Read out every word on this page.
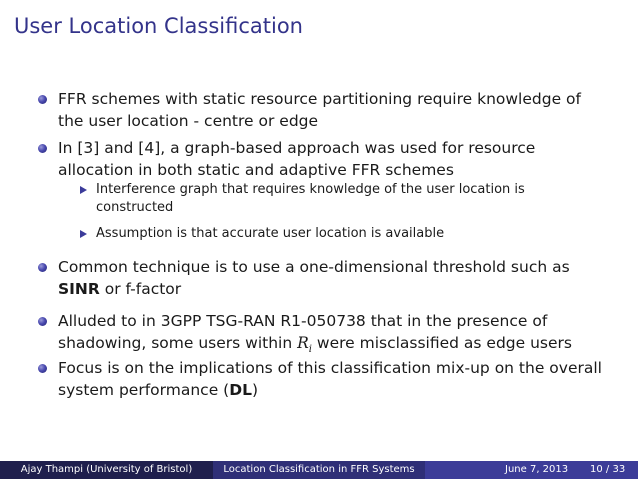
User Location Classification
FFR schemes with static resource partitioning require knowledge of
the user location - centre or edge
In [3] and [4], a graph-based approach was used for resource
allocation in both static and adaptive FFR schemes
Interference graph that requires knowledge of the user location is
constructed
Assumption is that accurate user location is available
Common technique is to use a one-dimensional threshold such as
SINR or f-factor
Alluded to in 3GPP TSG-RAN R1-050738 that in the presence of
shadowing, some users within $R_i$ were misclassified as edge users
Focus is on the implications of this classification mix-up on the overall
system performance (DL)
Ajay Thampi (University of Bristol)	Location Classification in FFR Systems	June 7, 2013 10 / 33
